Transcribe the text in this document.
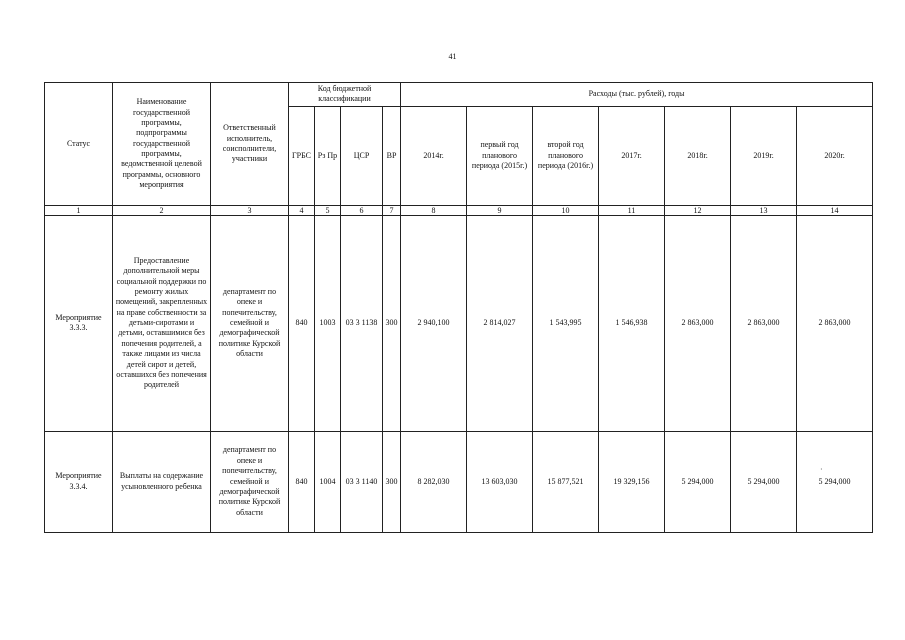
41
Статус	Наименование государственной программы, подпрограммы государственной программы, ведомственной целевой программы, основного мероприятия	Ответственный исполнитель, соисполнители, участники	Код бюджетной классификации				Расходы (тыс. рублей), годы						
			ГРБС	Рз Пр	ЦСР	ВР	2014г.	первый год планового периода (2015г.)	второй год планового периода (2016г.)	2017г.	2018г.	2019г.	2020г.
1	2	3	4	5	6	7	8	9	10	11	12	13	14
Мероприятие 3.3.3.	Предоставление дополнительной меры социальной поддержки по ремонту жилых помещений, закрепленных на праве собственности за детьми-сиротами и детьми, оставшимися без попечения родителей, а также лицами из числа детей сирот и детей, оставшихся без попечения родителей	департамент по опеке и попечительству, семейной и демографической политике Курской области	840	1003	03 3 1138	300	2 940,100	2 814,027	1 543,995	1 546,938	2 863,000	2 863,000	2 863,000
Мероприятие 3.3.4.	Выплаты на содержание усыновленного ребенка	департамент по опеке и попечительству, семейной и демографической политике Курской области	840	1004	03 3 1140	300	8 282,030	13 603,030	15 877,521	19 329,156	5 294,000	5 294,000	5 294,000
·
